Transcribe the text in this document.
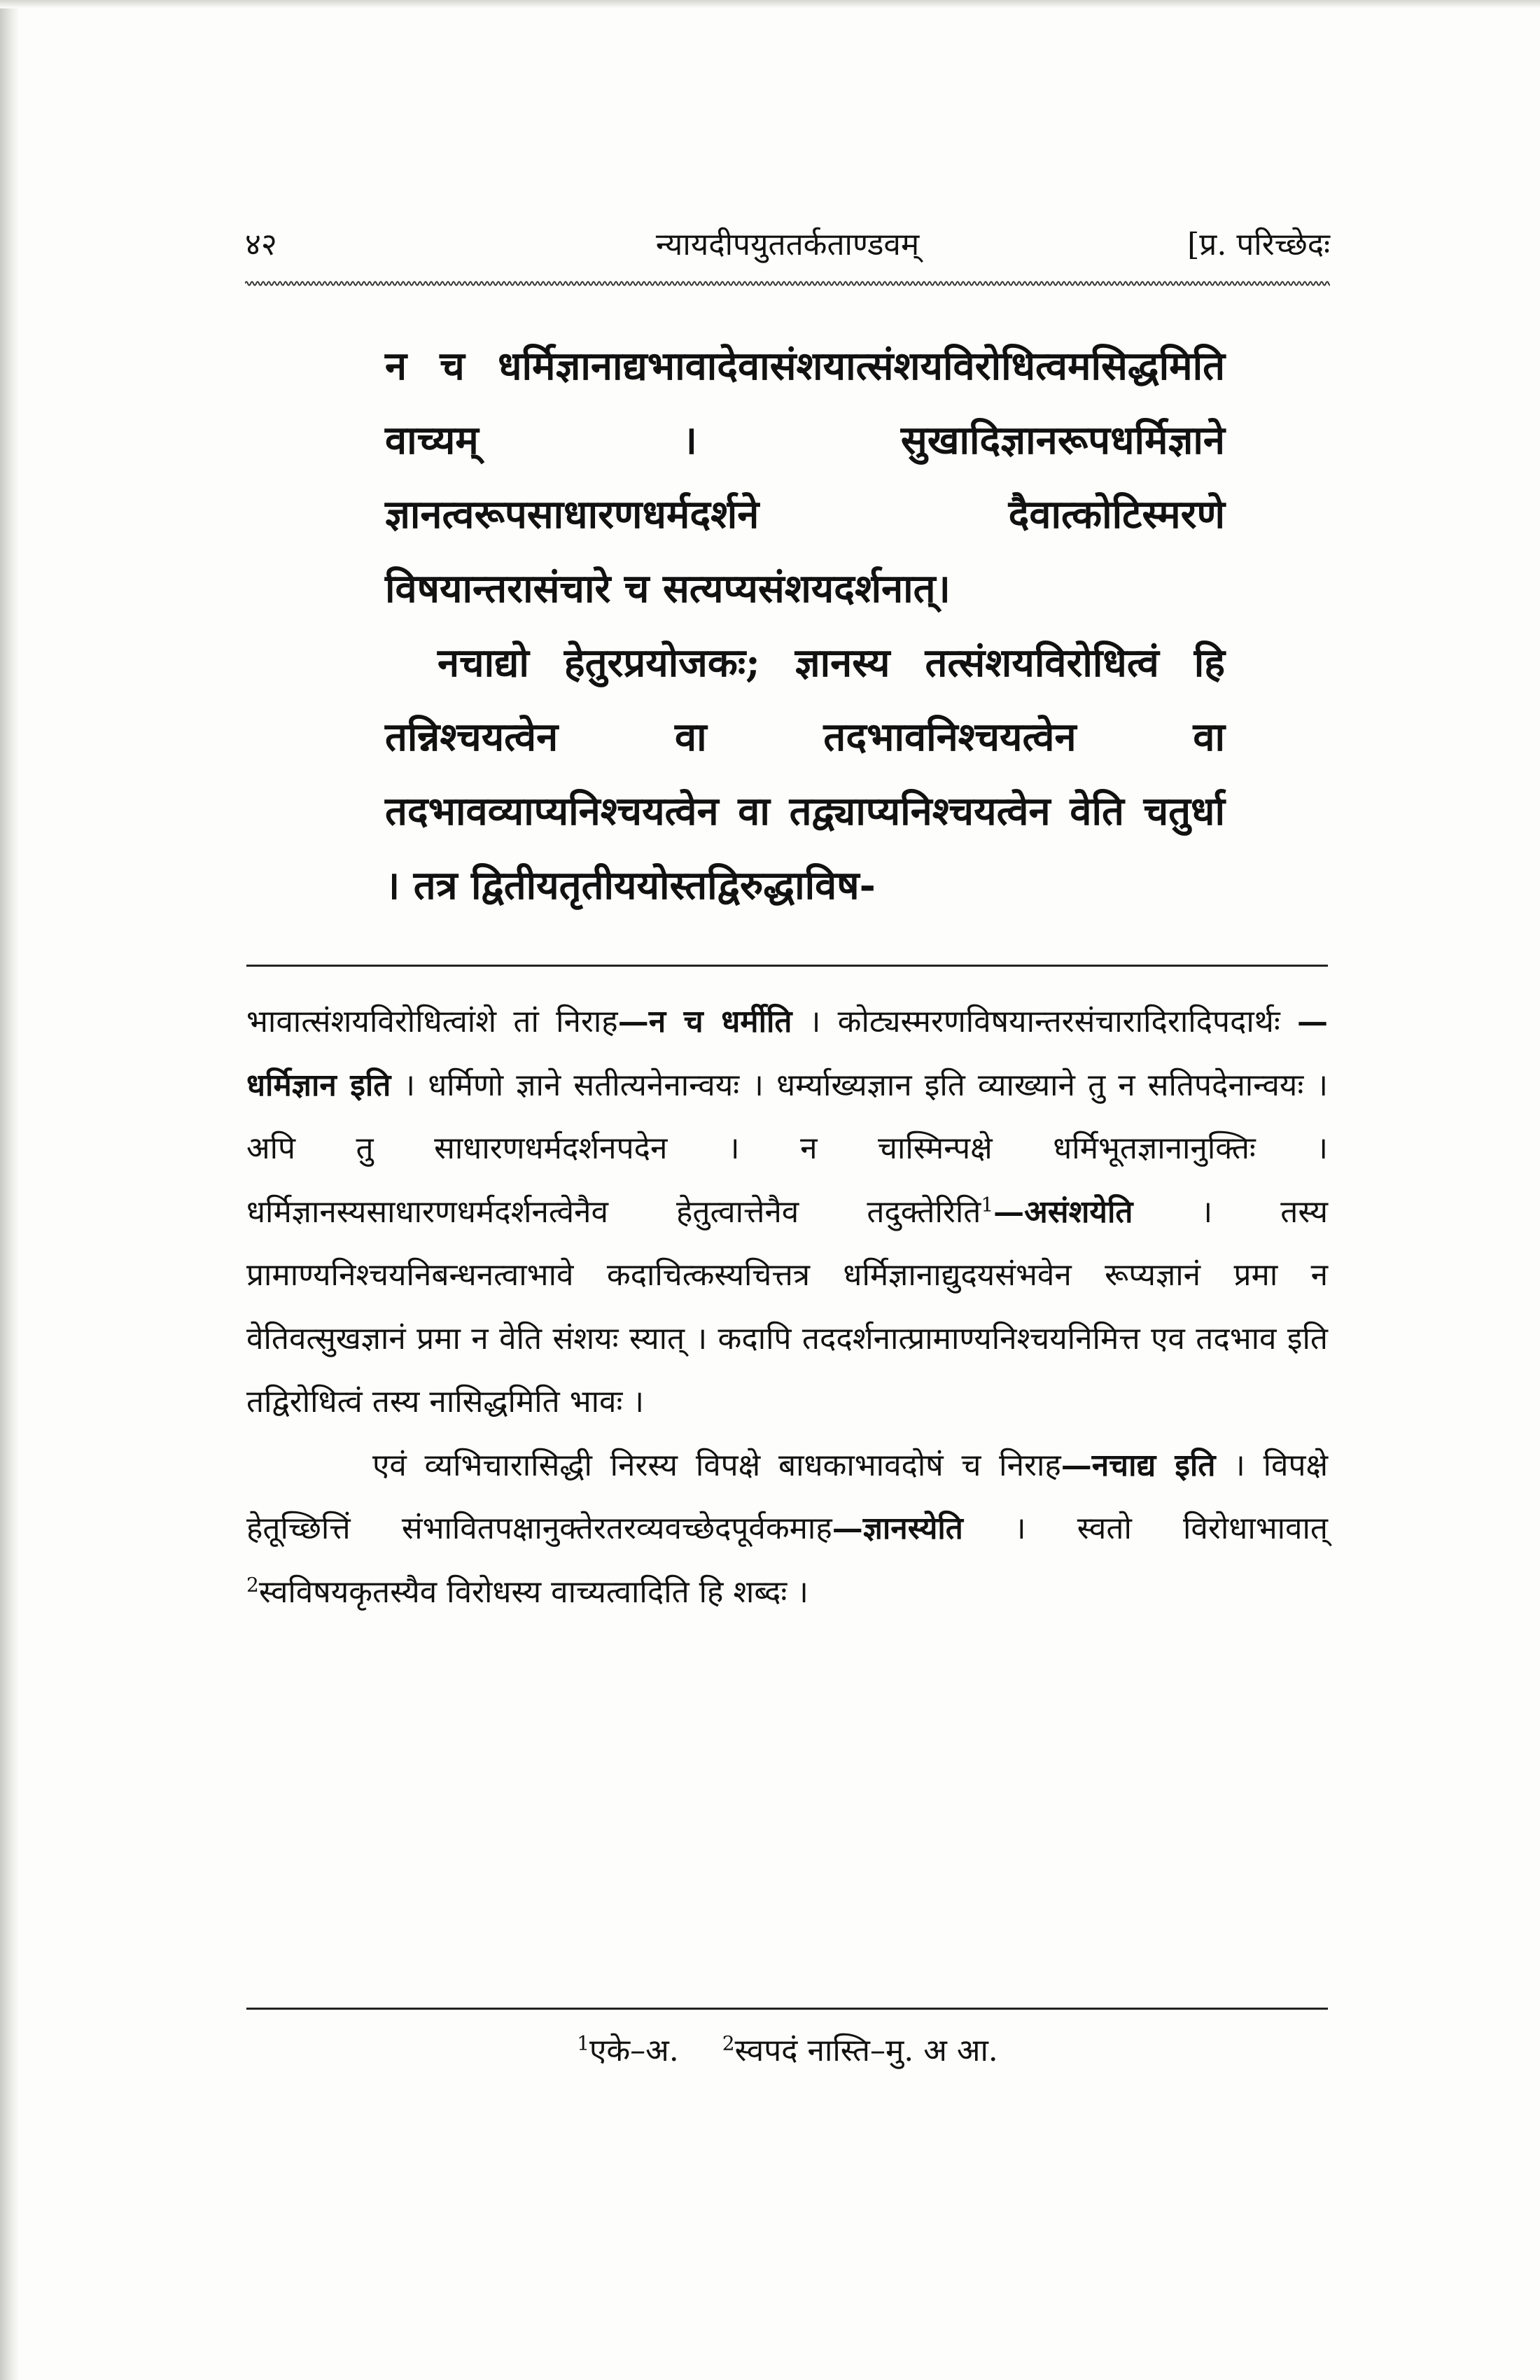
४२	न्यायदीपयुततर्कताण्डवम्	[प्र. परिच्छेदः

न च धर्मिज्ञानाद्यभावादेवासंशयात्संशयविरोधित्वमसिद्धमिति वाच्यम् । सुखादिज्ञानरूपधर्मिज्ञाने ज्ञानत्वरूपसाधारणधर्मदर्शने दैवात्कोटिस्मरणे विषयान्तरासंचारे च सत्यप्यसंशयदर्शनात्।

नचाद्यो हेतुरप्रयोजकः; ज्ञानस्य तत्संशयविरोधित्वं हि तन्निश्चयत्वेन वा तदभावनिश्चयत्वेन वा तदभावव्याप्यनिश्चयत्वेन वा तद्व्याप्यनिश्चयत्वेन वेति चतुर्धा । तत्र द्वितीयतृतीययोस्तद्विरुद्धाविष-

भावात्संशयविरोधित्वांशे तां निराह—न च धर्मीति । कोट्यस्मरणविषयान्तरसंचारादिरादिपदार्थः —धर्मिज्ञान इति । धर्मिणो ज्ञाने सतीत्यनेनान्वयः । धर्म्याख्यज्ञान इति व्याख्याने तु न सतिपदेनान्वयः । अपि तु साधारणधर्मदर्शनपदेन । न चास्मिन्पक्षे धर्मिभूतज्ञानानुक्तिः । धर्मिज्ञानस्यसाधारणधर्मदर्शनत्वेनैव हेतुत्वात्तेनैव तदुक्तेरिति$^1$—असंशयेति । तस्य प्रामाण्यनिश्चयनिबन्धनत्वाभावे कदाचित्कस्यचित्तत्र धर्मिज्ञानाद्युदयसंभवेन रूप्यज्ञानं प्रमा न वेतिवत्सुखज्ञानं प्रमा न वेति संशयः स्यात् । कदापि तददर्शनात्प्रामाण्यनिश्चयनिमित्त एव तदभाव इति तद्विरोधित्वं तस्य नासिद्धमिति भावः ।

एवं व्यभिचारासिद्धी निरस्य विपक्षे बाधकाभावदोषं च निराह—नचाद्य इति । विपक्षे हेतूच्छित्तिं संभावितपक्षानुक्तेरतरव्यवच्छेदपूर्वकमाह—ज्ञानस्येति । स्वतो विरोधाभावात् $^2$स्वविषयकृतस्यैव विरोधस्य वाच्यत्वादिति हि शब्दः ।

$^1$एके–अ. $^2$स्वपदं नास्ति–मु. अ आ.
